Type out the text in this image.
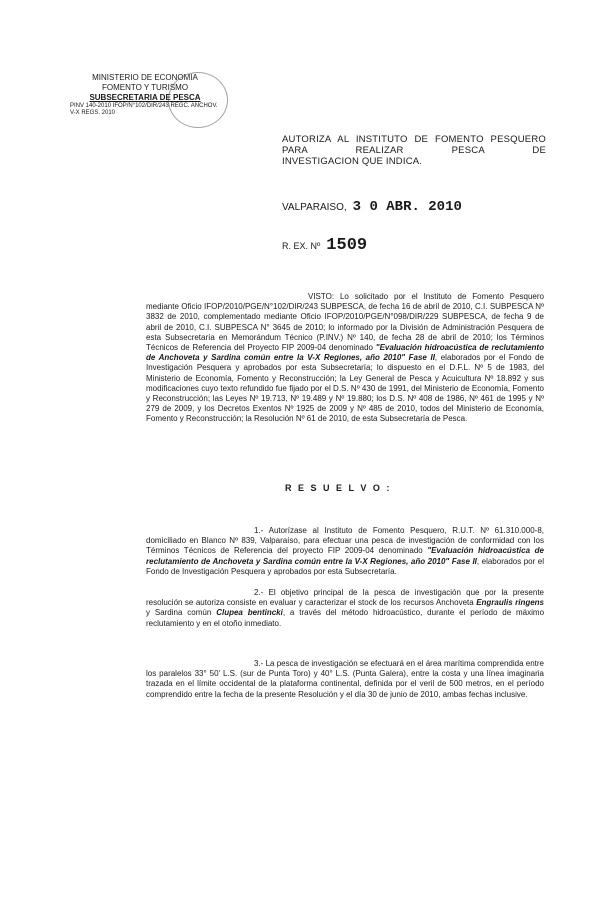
MINISTERIO DE ECONOMIA
FOMENTO Y TURISMO
SUBSECRETARIA DE PESCA
PINV 140-2010 IFOP/N°102/DIR/243 REGC. ANCHOV.
V-X REGS. 2010
AUTORIZA AL INSTITUTO DE FOMENTO PESQUERO PARA REALIZAR PESCA DE
INVESTIGACION QUE INDICA.
VALPARAISO, 3 0 ABR. 2010
R. EX. Nº 1509
VISTO: Lo solicitado por el Instituto de Fomento Pesquero mediante Oficio IFOP/2010/PGE/N°102/DIR/243 SUBPESCA, de fecha 16 de abril de 2010, C.I. SUBPESCA Nº 3832 de 2010, complementado mediante Oficio IFOP/2010/PGE/N°098/DIR/229 SUBPESCA, de fecha 9 de abril de 2010, C.I. SUBPESCA N° 3645 de 2010; lo informado por la División de Administración Pesquera de esta Subsecretaría en Memorándum Técnico (P.INV.) Nº 140, de fecha 28 de abril de 2010; los Términos Técnicos de Referencia del Proyecto FIP 2009-04 denominado "Evaluación hidroacústica de reclutamiento de Anchoveta y Sardina común entre la V-X Regiones, año 2010" Fase II, elaborados por el Fondo de Investigación Pesquera y aprobados por esta Subsecretaría; lo dispuesto en el D.F.L. Nº 5 de 1983, del Ministerio de Economía, Fomento y Reconstrucción; la Ley General de Pesca y Acuicultura Nº 18.892 y sus modificaciones cuyo texto refundido fue fijado por el D.S. Nº 430 de 1991, del Ministerio de Economía, Fomento y Reconstrucción; las Leyes Nº 19.713, Nº 19.489 y Nº 19.880; los D.S. Nº 408 de 1986, Nº 461 de 1995 y Nº 279 de 2009, y los Decretos Exentos Nº 1925 de 2009 y Nº 485 de 2010, todos del Ministerio de Economía, Fomento y Reconstrucción; la Resolución Nº 61 de 2010, de esta Subsecretaría de Pesca.
R E S U E L V O :
1.- Autorízase al Instituto de Fomento Pesquero, R.U.T. Nº 61.310.000-8, domiciliado en Blanco Nº 839, Valparaíso, para efectuar una pesca de investigación de conformidad con los Términos Técnicos de Referencia del proyecto FIP 2009-04 denominado "Evaluación hidroacústica de reclutamiento de Anchoveta y Sardina común entre la V-X Regiones, año 2010" Fase II, elaborados por el Fondo de Investigación Pesquera y aprobados por esta Subsecretaría.
2.- El objetivo principal de la pesca de investigación que por la presente resolución se autoriza consiste en evaluar y caracterizar el stock de los recursos Anchoveta Engraulis ringens y Sardina común Clupea bentincki, a través del método hidroacústico, durante el período de máximo reclutamiento y en el otoño inmediato.
3.- La pesca de investigación se efectuará en el área marítima comprendida entre los paralelos 33° 50' L.S. (sur de Punta Toro) y 40° L.S. (Punta Galera), entre la costa y una línea imaginaria trazada en el límite occidental de la plataforma continental, definida por el veril de 500 metros, en el período comprendido entre la fecha de la presente Resolución y el día 30 de junio de 2010, ambas fechas inclusive.
